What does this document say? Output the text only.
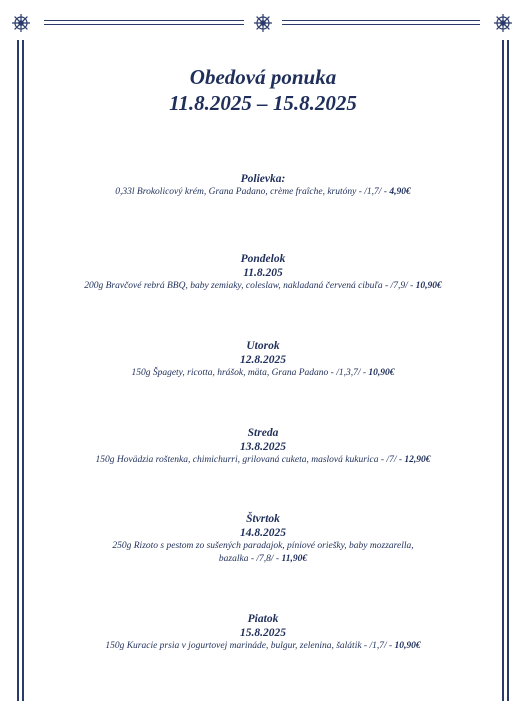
Obedová ponuka
11.8.2025 – 15.8.2025
Polievka:
0,33l Brokolicový krém, Grana Padano, crème fraîche, krutóny - /1,7/ - 4,90€
Pondelok
11.8.205
200g Bravčové rebrá BBQ, baby zemiaky, coleslaw, nakladaná červená cibuľa - /7,9/ - 10,90€
Utorok
12.8.2025
150g Špagety, ricotta, hrášok, mäta, Grana Padano - /1,3,7/ - 10,90€
Streda
13.8.2025
150g Hovädzia roštenka, chimichurri, grilovaná cuketa, maslová kukurica - /7/ - 12,90€
Štvrtok
14.8.2025
250g Rizoto s pestom zo sušených paradajok, píniové oriešky, baby mozzarella,
bazalka - /7,8/ - 11,90€
Piatok
15.8.2025
150g Kuracie prsia v jogurtovej marináde, bulgur, zelenina, šalátik - /1,7/ - 10,90€
